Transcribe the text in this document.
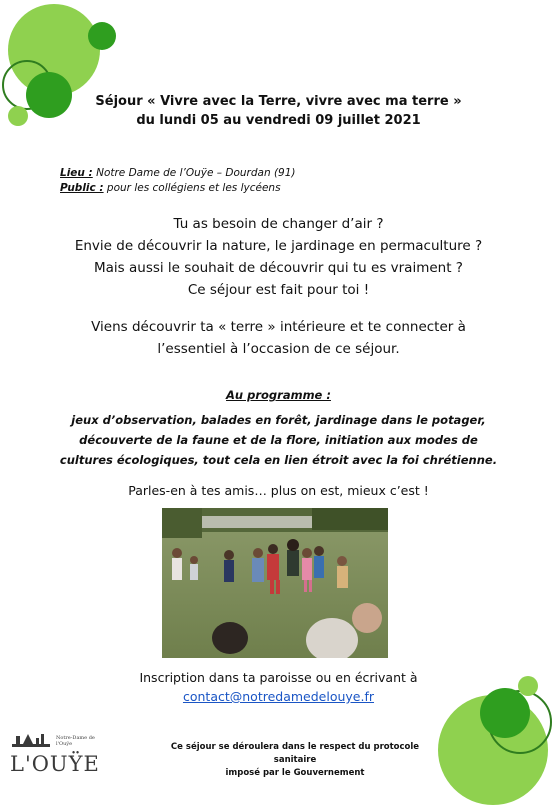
Séjour « Vivre avec la Terre, vivre avec ma terre »
du lundi 05 au vendredi 09 juillet 2021
Lieu : Notre Dame de l’Ouÿe – Dourdan (91)
Public : pour les collégiens et les lycéens
Tu as besoin de changer d’air ?
Envie de découvrir la nature, le jardinage en permaculture ?
Mais aussi le souhait de découvrir qui tu es vraiment ?
Ce séjour est fait pour toi !
Viens découvrir ta « terre » intérieure et te connecter à
l’essentiel à l’occasion de ce séjour.
Au programme :
jeux d’observation, balades en forêt, jardinage dans le potager,
découverte de la faune et de la flore, initiation aux modes de
cultures écologiques, tout cela en lien étroit avec la foi chrétienne.
Parles-en à tes amis… plus on est, mieux c’est !
Inscription dans ta paroisse ou en écrivant à
contact@notredamedelouye.fr
Ce séjour se déroulera dans le respect du protocole sanitaire
imposé par le Gouvernement
Notre-Dame de
l'Ouÿe
L'OUŸE
